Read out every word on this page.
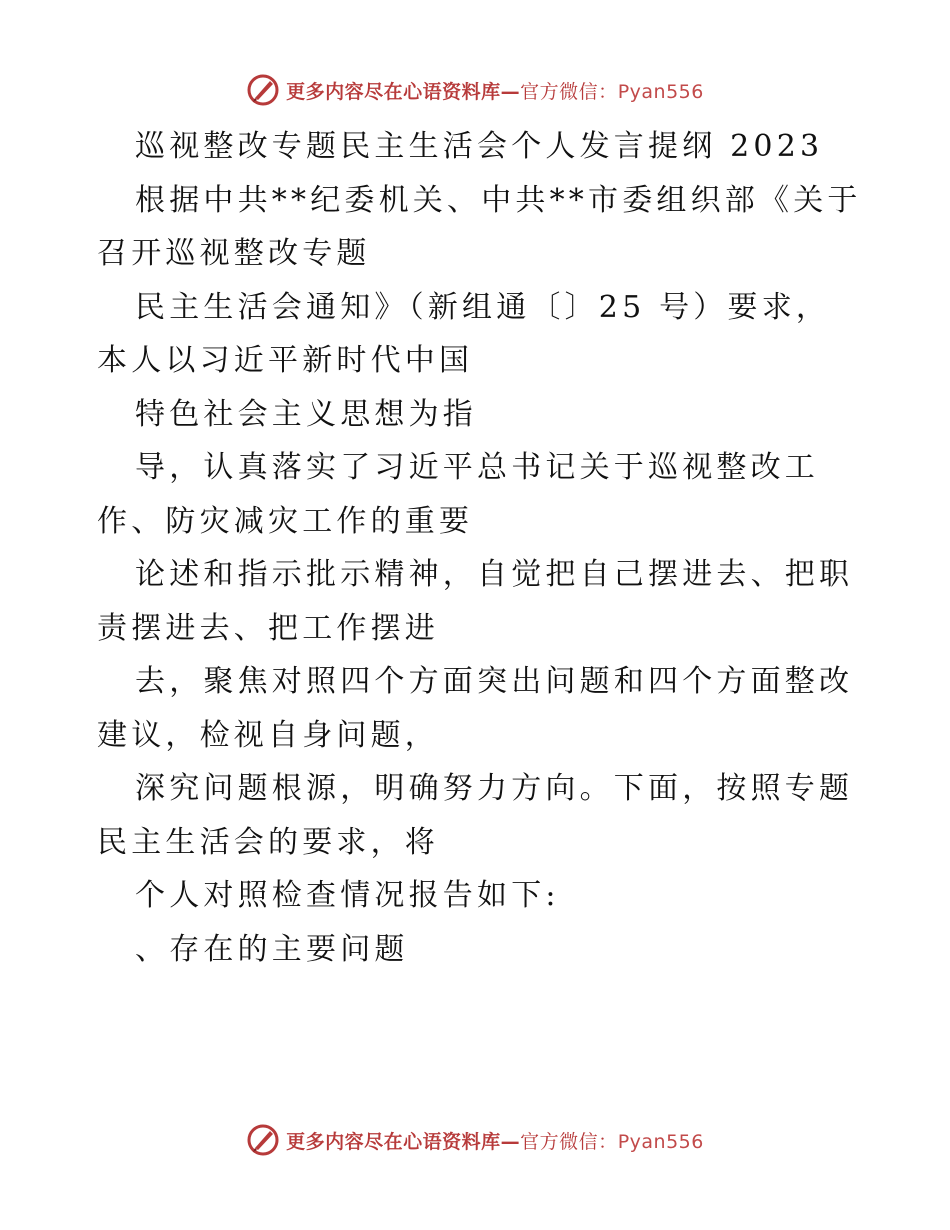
更多内容尽在心语资料库—官方微信：Pyan556
巡视整改专题民主生活会个人发言提纲 2023
根据中共**纪委机关、中共**市委组织部《关于
召开巡视整改专题
民主生活会通知》（新组通〔〕25 号）要求，
本人以习近平新时代中国
特色社会主义思想为指
导，认真落实了习近平总书记关于巡视整改工
作、防灾减灾工作的重要
论述和指示批示精神，自觉把自己摆进去、把职
责摆进去、把工作摆进
去，聚焦对照四个方面突出问题和四个方面整改
建议，检视自身问题，
深究问题根源，明确努力方向。下面，按照专题
民主生活会的要求，将
个人对照检查情况报告如下:
、存在的主要问题
更多内容尽在心语资料库—官方微信：Pyan556
